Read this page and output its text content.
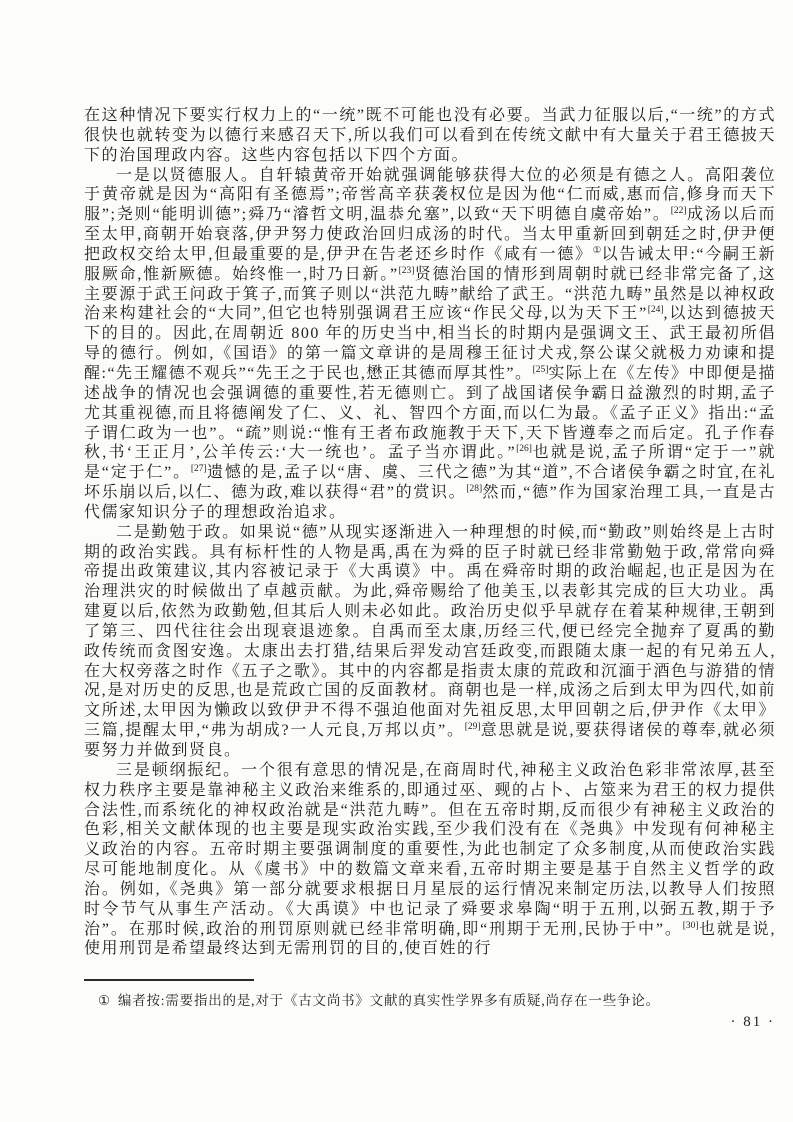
在这种情况下要实行权力上的“一统”既不可能也没有必要。当武力征服以后,“一统”的方式很快也就转变为以德行来感召天下,所以我们可以看到在传统文献中有大量关于君王德披天下的治国理政内容。这些内容包括以下四个方面。

一是以贤德服人。自轩辕黄帝开始就强调能够获得大位的必须是有德之人。高阳袭位于黄帝就是因为“高阳有圣德焉”;帝喾高辛获袭权位是因为他“仁而威,惠而信,修身而天下服”;尧则“能明训德”;舜乃“濬哲文明,温恭允塞”,以致“天下明德自虞帝始”。[22]成汤以后而至太甲,商朝开始衰落,伊尹努力使政治回归成汤的时代。当太甲重新回到朝廷之时,伊尹便把政权交给太甲,但最重要的是,伊尹在告老还乡时作《咸有一德》①以告诫太甲:“今嗣王新服厥命,惟新厥德。始终惟一,时乃日新。”[23]贤德治国的情形到周朝时就已经非常完备了,这主要源于武王问政于箕子,而箕子则以“洪范九畴”献给了武王。“洪范九畴”虽然是以神权政治来构建社会的“大同”,但它也特别强调君王应该“作民父母,以为天下王”[24],以达到德披天下的目的。因此,在周朝近 800 年的历史当中,相当长的时期内是强调文王、武王最初所倡导的德行。例如,《国语》的第一篇文章讲的是周穆王征讨犬戎,祭公谋父就极力劝谏和提醒:“先王耀德不观兵”“先王之于民也,懋正其德而厚其性”。[25]实际上在《左传》中即便是描述战争的情况也会强调德的重要性,若无德则亡。到了战国诸侯争霸日益激烈的时期,孟子尤其重视德,而且将德阐发了仁、义、礼、智四个方面,而以仁为最。《孟子正义》指出:“孟子谓仁政为一也”。“疏”则说:“惟有王者布政施教于天下,天下皆遵奉之而后定。孔子作春秋,书‘王正月’,公羊传云:‘大一统也’。孟子当亦谓此。”[26]也就是说,孟子所谓“定于一”就是“定于仁”。[27]遗憾的是,孟子以“唐、虞、三代之德”为其“道”,不合诸侯争霸之时宜,在礼坏乐崩以后,以仁、德为政,难以获得“君”的赏识。[28]然而,“德”作为国家治理工具,一直是古代儒家知识分子的理想政治追求。

二是勤勉于政。如果说“德”从现实逐渐进入一种理想的时候,而“勤政”则始终是上古时期的政治实践。具有标杆性的人物是禹,禹在为舜的臣子时就已经非常勤勉于政,常常向舜帝提出政策建议,其内容被记录于《大禹谟》中。禹在舜帝时期的政治崛起,也正是因为在治理洪灾的时候做出了卓越贡献。为此,舜帝赐给了他美玉,以表彰其完成的巨大功业。禹建夏以后,依然为政勤勉,但其后人则未必如此。政治历史似乎早就存在着某种规律,王朝到了第三、四代往往会出现衰退迹象。自禹而至太康,历经三代,便已经完全抛弃了夏禹的勤政传统而贪图安逸。太康出去打猎,结果后羿发动宫廷政变,而跟随太康一起的有兄弟五人,在大权旁落之时作《五子之歌》。其中的内容都是指责太康的荒政和沉湎于酒色与游猎的情况,是对历史的反思,也是荒政亡国的反面教材。商朝也是一样,成汤之后到太甲为四代,如前文所述,太甲因为懒政以致伊尹不得不强迫他面对先祖反思,太甲回朝之后,伊尹作《太甲》三篇,提醒太甲,“弗为胡成?一人元良,万邦以贞”。[29]意思就是说,要获得诸侯的尊奉,就必须要努力并做到贤良。

三是顿纲振纪。一个很有意思的情况是,在商周时代,神秘主义政治色彩非常浓厚,甚至权力秩序主要是靠神秘主义政治来维系的,即通过巫、觋的占卜、占筮来为君王的权力提供合法性,而系统化的神权政治就是“洪范九畴”。但在五帝时期,反而很少有神秘主义政治的色彩,相关文献体现的也主要是现实政治实践,至少我们没有在《尧典》中发现有何神秘主义政治的内容。五帝时期主要强调制度的重要性,为此也制定了众多制度,从而使政治实践尽可能地制度化。从《虞书》中的数篇文章来看,五帝时期主要是基于自然主义哲学的政治。例如,《尧典》第一部分就要求根据日月星辰的运行情况来制定历法,以教导人们按照时令节气从事生产活动。《大禹谟》中也记录了舜要求皋陶“明于五刑,以弼五教,期于予治”。在那时候,政治的刑罚原则就已经非常明确,即“刑期于无刑,民协于中”。[30]也就是说,使用刑罚是希望最终达到无需刑罚的目的,使百姓的行

① 编者按:需要指出的是,对于《古文尚书》文献的真实性学界多有质疑,尚存在一些争论。
· 81 ·
